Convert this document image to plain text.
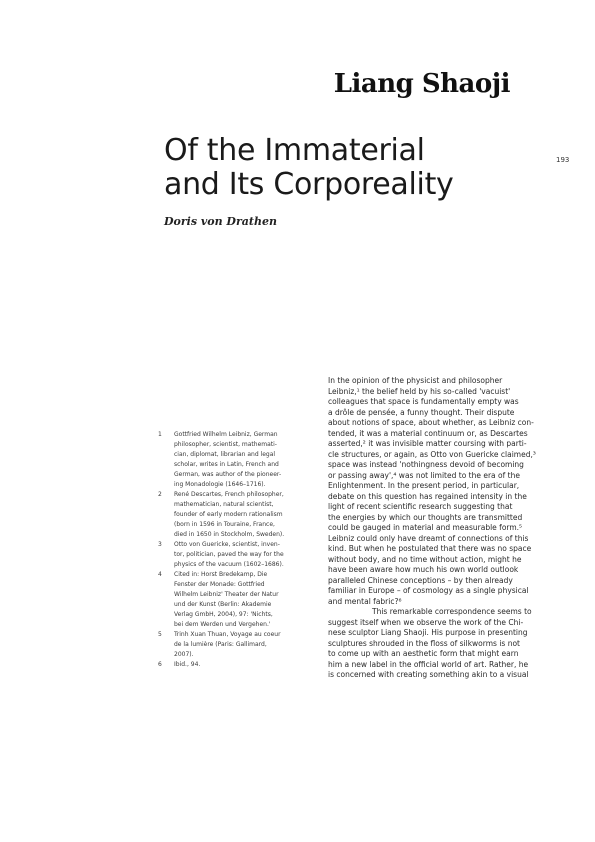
Liang Shaoji
193
Of the Immaterial
and Its Corporeality
Doris von Drathen
1 Gottfried Wilhelm Leibniz, German
philosopher, scientist, mathemati-
cian, diplomat, librarian and legal
scholar, writes in Latin, French and
German, was author of the pioneer-
ing Monadologie (1646–1716).
2 René Descartes, French philosopher,
mathematician, natural scientist,
founder of early modern rationalism
(born in 1596 in Touraine, France,
died in 1650 in Stockholm, Sweden).
3 Otto von Guericke, scientist, inven-
tor, politician, paved the way for the
physics of the vacuum (1602–1686).
4 Cited in: Horst Bredekamp, Die
Fenster der Monade: Gottfried
Wilhelm Leibniz' Theater der Natur
und der Kunst (Berlin: Akademie
Verlag GmbH, 2004), 97: 'Nichts,
bei dem Werden und Vergehen.'
5 Trinh Xuan Thuan, Voyage au coeur
de la lumière (Paris: Gallimard,
2007).
6 Ibid., 94.
In the opinion of the physicist and philosopher
Leibniz,¹ the belief held by his so-called 'vacuist'
colleagues that space is fundamentally empty was
a drôle de pensée, a funny thought. Their dispute
about notions of space, about whether, as Leibniz con-
tended, it was a material continuum or, as Descartes
asserted,² it was invisible matter coursing with parti-
cle structures, or again, as Otto von Guericke claimed,³
space was instead 'nothingness devoid of becoming
or passing away',⁴ was not limited to the era of the
Enlightenment. In the present period, in particular,
debate on this question has regained intensity in the
light of recent scientific research suggesting that
the energies by which our thoughts are transmitted
could be gauged in material and measurable form.⁵
Leibniz could only have dreamt of connections of this
kind. But when he postulated that there was no space
without body, and no time without action, might he
have been aware how much his own world outlook
paralleled Chinese conceptions – by then already
familiar in Europe – of cosmology as a single physical
and mental fabric?⁶
This remarkable correspondence seems to
suggest itself when we observe the work of the Chi-
nese sculptor Liang Shaoji. His purpose in presenting
sculptures shrouded in the floss of silkworms is not
to come up with an aesthetic form that might earn
him a new label in the official world of art. Rather, he
is concerned with creating something akin to a visual
